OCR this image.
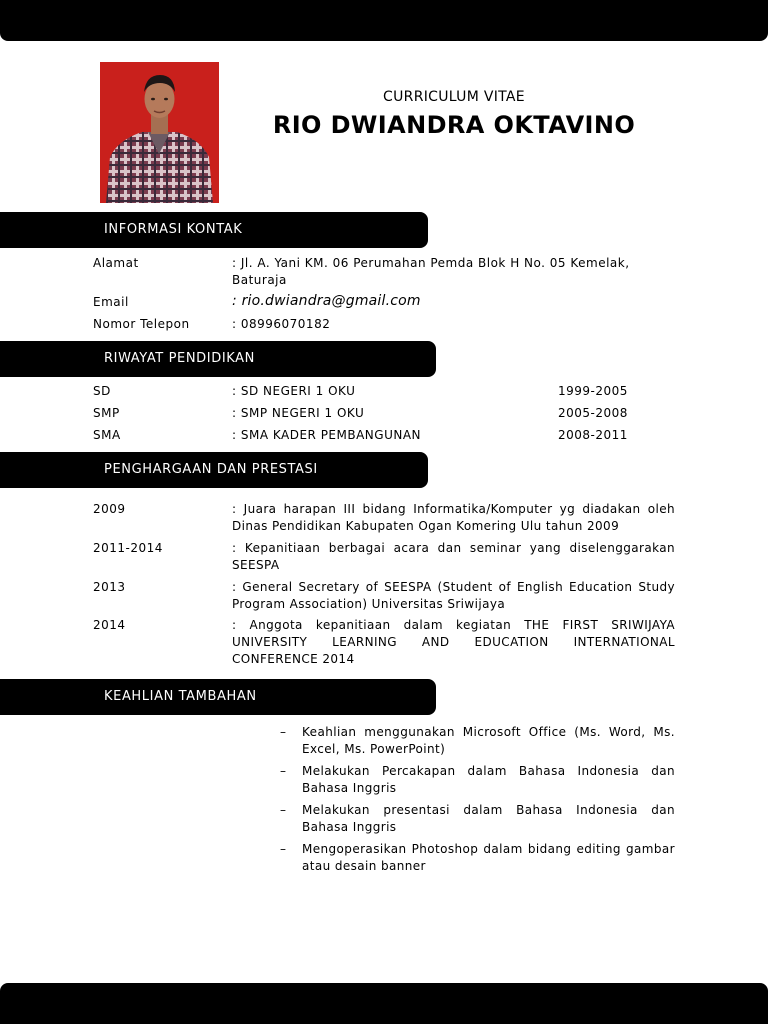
CURRICULUM VITAE
RIO DWIANDRA OKTAVINO
INFORMASI KONTAK
Alamat	: Jl. A. Yani KM. 06 Perumahan Pemda Blok H No. 05 Kemelak,
Baturaja
Email	: rio.dwiandra@gmail.com
Nomor Telepon	: 08996070182
RIWAYAT PENDIDIKAN
SD	: SD NEGERI 1 OKU	1999-2005
SMP	: SMP NEGERI 1 OKU	2005-2008
SMA	: SMA KADER PEMBANGUNAN	2008-2011
PENGHARGAAN DAN PRESTASI
2009	: Juara harapan III bidang Informatika/Komputer yg diadakan oleh Dinas Pendidikan Kabupaten Ogan Komering Ulu tahun 2009
2011-2014	: Kepanitiaan berbagai acara dan seminar yang diselenggarakan SEESPA
2013	: General Secretary of SEESPA (Student of English Education Study Program Association) Universitas Sriwijaya
2014	: Anggota kepanitiaan dalam kegiatan THE FIRST SRIWIJAYA UNIVERSITY LEARNING AND EDUCATION INTERNATIONAL CONFERENCE 2014
KEAHLIAN TAMBAHAN
– Keahlian menggunakan Microsoft Office (Ms. Word, Ms. Excel, Ms. PowerPoint)
– Melakukan Percakapan dalam Bahasa Indonesia dan Bahasa Inggris
– Melakukan presentasi dalam Bahasa Indonesia dan Bahasa Inggris
– Mengoperasikan Photoshop dalam bidang editing gambar atau desain banner
